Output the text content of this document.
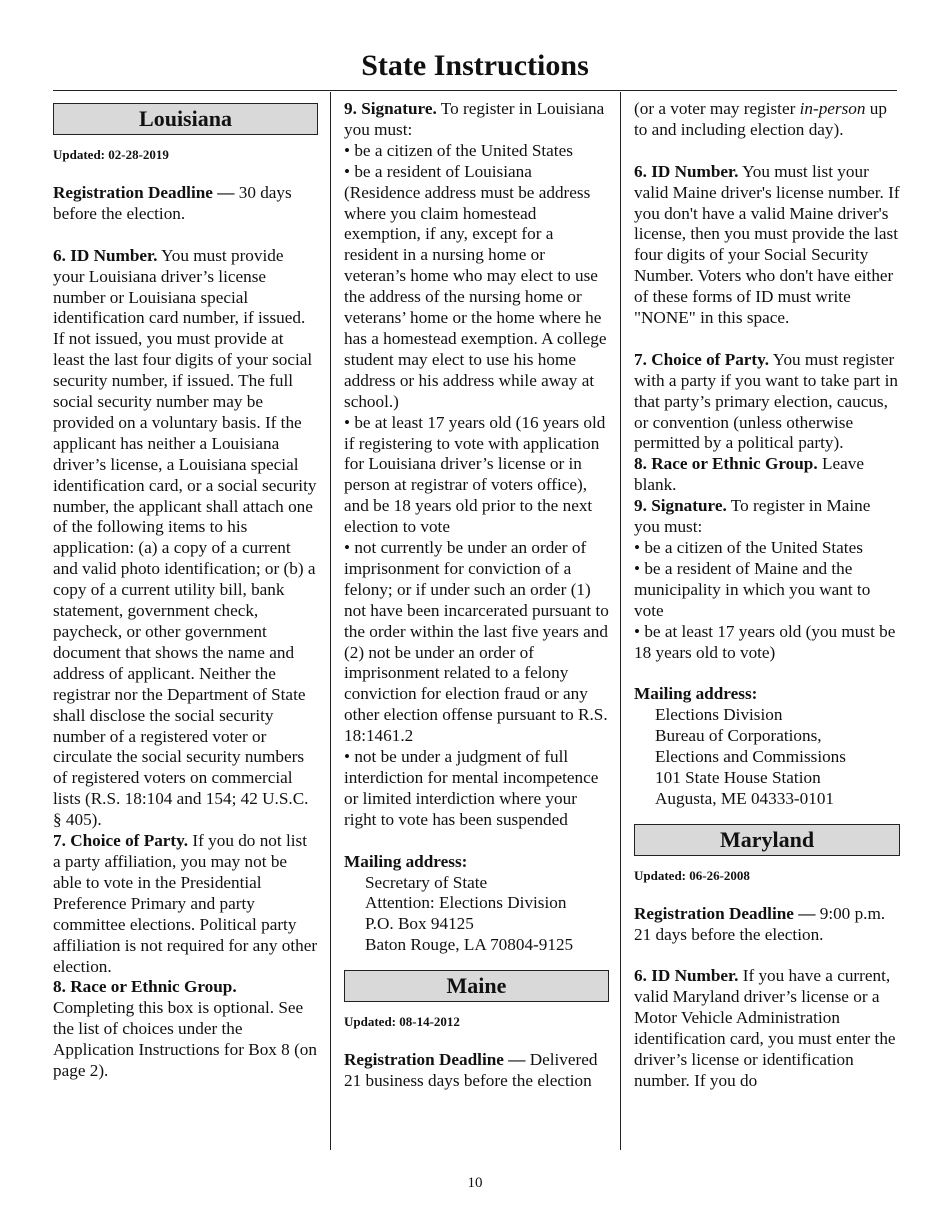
State Instructions
Louisiana
Updated: 02-28-2019

Registration Deadline — 30 days before the election.

6. ID Number. You must provide your Louisiana driver’s license number or Louisiana special identification card number, if issued. If not issued, you must provide at least the last four digits of your social security number, if issued. The full social security number may be provided on a voluntary basis. If the applicant has neither a Louisiana driver’s license, a Louisiana special identification card, or a social security number, the applicant shall attach one of the following items to his application: (a) a copy of a current and valid photo identification; or (b) a copy of a current utility bill, bank statement, government check, paycheck, or other government document that shows the name and address of applicant. Neither the registrar nor the Department of State shall disclose the social security number of a registered voter or circulate the social security numbers of registered voters on commercial lists (R.S. 18:104 and 154; 42 U.S.C. § 405).

7. Choice of Party. If you do not list a party affiliation, you may not be able to vote in the Presidential Preference Primary and party committee elections. Political party affiliation is not required for any other election.

8. Race or Ethnic Group.

Completing this box is optional. See the list of choices under the Application Instructions for Box 8 (on page 2).

9. Signature. To register in Louisiana you must:

• be a citizen of the United States

• be a resident of Louisiana (Residence address must be address where you claim homestead exemption, if any, except for a resident in a nursing home or veteran’s home who may elect to use the address of the nursing home or veterans’ home or the home where he has a homestead exemption. A college student may elect to use his home address or his address while away at school.)

• be at least 17 years old (16 years old if registering to vote with application for Louisiana driver’s license or in person at registrar of voters office), and be 18 years old prior to the next election to vote

• not currently be under an order of imprisonment for conviction of a felony; or if under such an order (1) not have been incarcerated pursuant to the order within the last five years and (2) not be under an order of imprisonment related to a felony conviction for election fraud or any other election offense pursuant to R.S. 18:1461.2

• not be under a judgment of full interdiction for mental incompetence or limited interdiction where your right to vote has been suspended

Mailing address:

Secretary of State

Attention: Elections Division

P.O. Box 94125

Baton Rouge, LA 70804-9125

Maine
Updated: 08-14-2012

Registration Deadline — Delivered 21 business days before the election

(or a voter may register in-person up to and including election day).

6. ID Number. You must list your valid Maine driver's license number. If you don't have a valid Maine driver's license, then you must provide the last four digits of your Social Security Number. Voters who don't have either of these forms of ID must write "NONE" in this space.

7. Choice of Party. You must register with a party if you want to take part in that party’s primary election, caucus, or convention (unless otherwise permitted by a political party).

8. Race or Ethnic Group. Leave blank.

9. Signature. To register in Maine you must:

• be a citizen of the United States

• be a resident of Maine and the municipality in which you want to vote

• be at least 17 years old (you must be 18 years old to vote)

Mailing address:

Elections Division

Bureau of Corporations,

Elections and Commissions

101 State House Station

Augusta, ME 04333-0101

Maryland
Updated: 06-26-2008

Registration Deadline — 9:00 p.m. 21 days before the election.

6. ID Number. If you have a current, valid Maryland driver’s license or a Motor Vehicle Administration identification card, you must enter the driver’s license or identification number. If you do

10
